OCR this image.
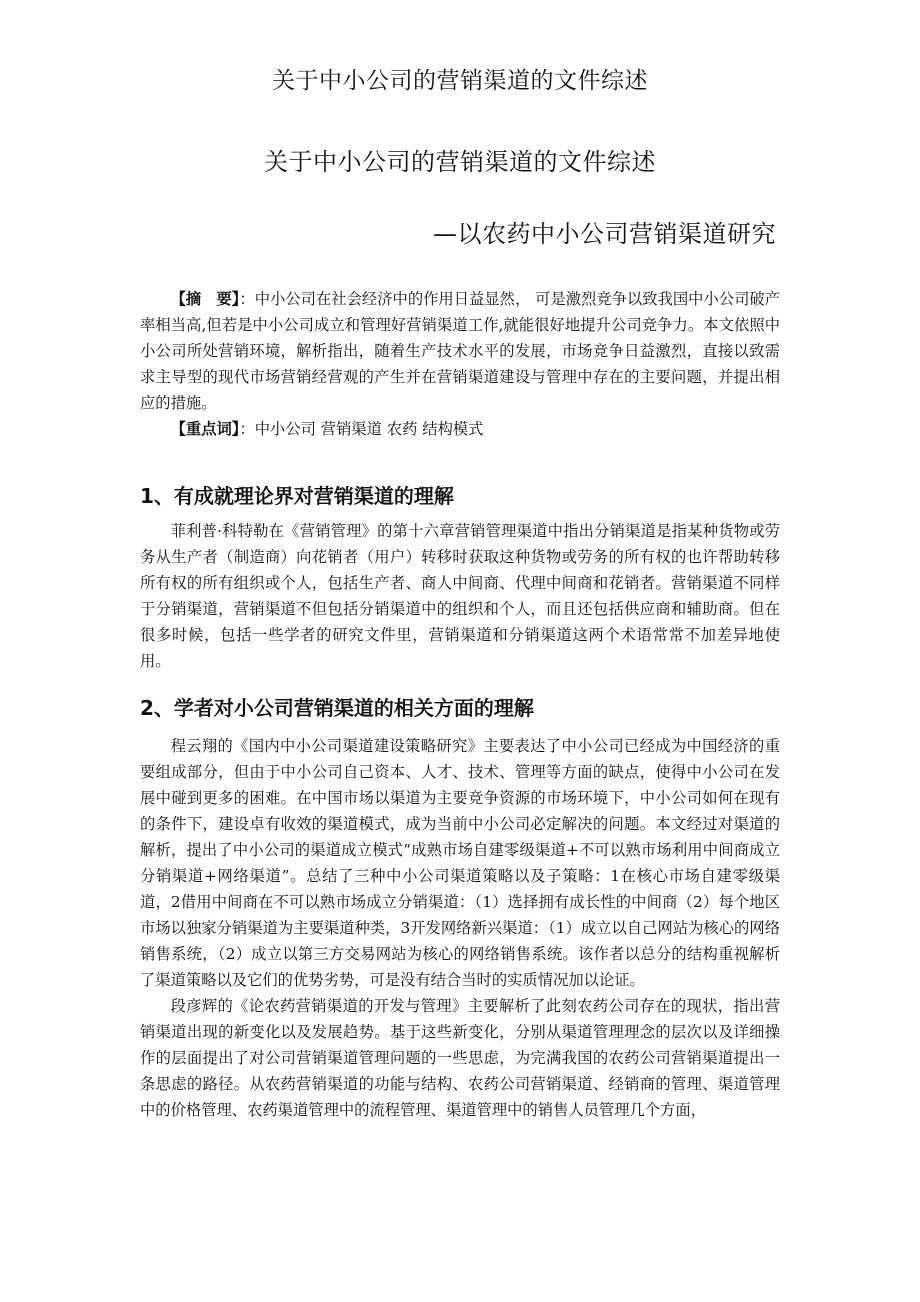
关于中小公司的营销渠道的文件综述
关于中小公司的营销渠道的文件综述
—以农药中小公司营销渠道研究

【摘　要】：中小公司在社会经济中的作用日益显然， 可是激烈竞争以致我国中小公司破产率相当高,但若是中小公司成立和管理好营销渠道工作,就能很好地提升公司竞争力。本文依照中小公司所处营销环境，解析指出，随着生产技术水平的发展，市场竞争日益激烈，直接以致需求主导型的现代市场营销经营观的产生并在营销渠道建设与管理中存在的主要问题，并提出相应的措施。

【重点词】：中小公司 营销渠道 农药 结构模式

1、有成就理论界对营销渠道的理解

菲利普·科特勒在《营销管理》的第十六章营销管理渠道中指出分销渠道是指某种货物或劳务从生产者（制造商）向花销者（用户）转移时获取这种货物或劳务的所有权的也许帮助转移所有权的所有组织或个人，包括生产者、商人中间商、代理中间商和花销者。营销渠道不同样于分销渠道，营销渠道不但包括分销渠道中的组织和个人，而且还包括供应商和辅助商。但在很多时候，包括一些学者的研究文件里，营销渠道和分销渠道这两个术语常常不加差异地使用。

2、学者对小公司营销渠道的相关方面的理解

程云翔的《国内中小公司渠道建设策略研究》主要表达了中小公司已经成为中国经济的重要组成部分，但由于中小公司自己资本、人才、技术、管理等方面的缺点，使得中小公司在发展中碰到更多的困难。在中国市场以渠道为主要竞争资源的市场环境下，中小公司如何在现有的条件下，建设卓有收效的渠道模式，成为当前中小公司必定解决的问题。本文经过对渠道的解析，提出了中小公司的渠道成立模式“成熟市场自建零级渠道+不可以熟市场利用中间商成立分销渠道+网络渠道”。总结了三种中小公司渠道策略以及子策略：1在核心市场自建零级渠道，2借用中间商在不可以熟市场成立分销渠道：（1）选择拥有成长性的中间商（2）每个地区市场以独家分销渠道为主要渠道种类，3开发网络新兴渠道：（1）成立以自己网站为核心的网络销售系统，（2）成立以第三方交易网站为核心的网络销售系统。该作者以总分的结构重视解析了渠道策略以及它们的优势劣势，可是没有结合当时的实质情况加以论证。

段彦辉的《论农药营销渠道的开发与管理》主要解析了此刻农药公司存在的现状，指出营销渠道出现的新变化以及发展趋势。基于这些新变化，分别从渠道管理理念的层次以及详细操作的层面提出了对公司营销渠道管理问题的一些思虑，为完满我国的农药公司营销渠道提出一条思虑的路径。从农药营销渠道的功能与结构、农药公司营销渠道、经销商的管理、渠道管理中的价格管理、农药渠道管理中的流程管理、渠道管理中的销售人员管理几个方面，
